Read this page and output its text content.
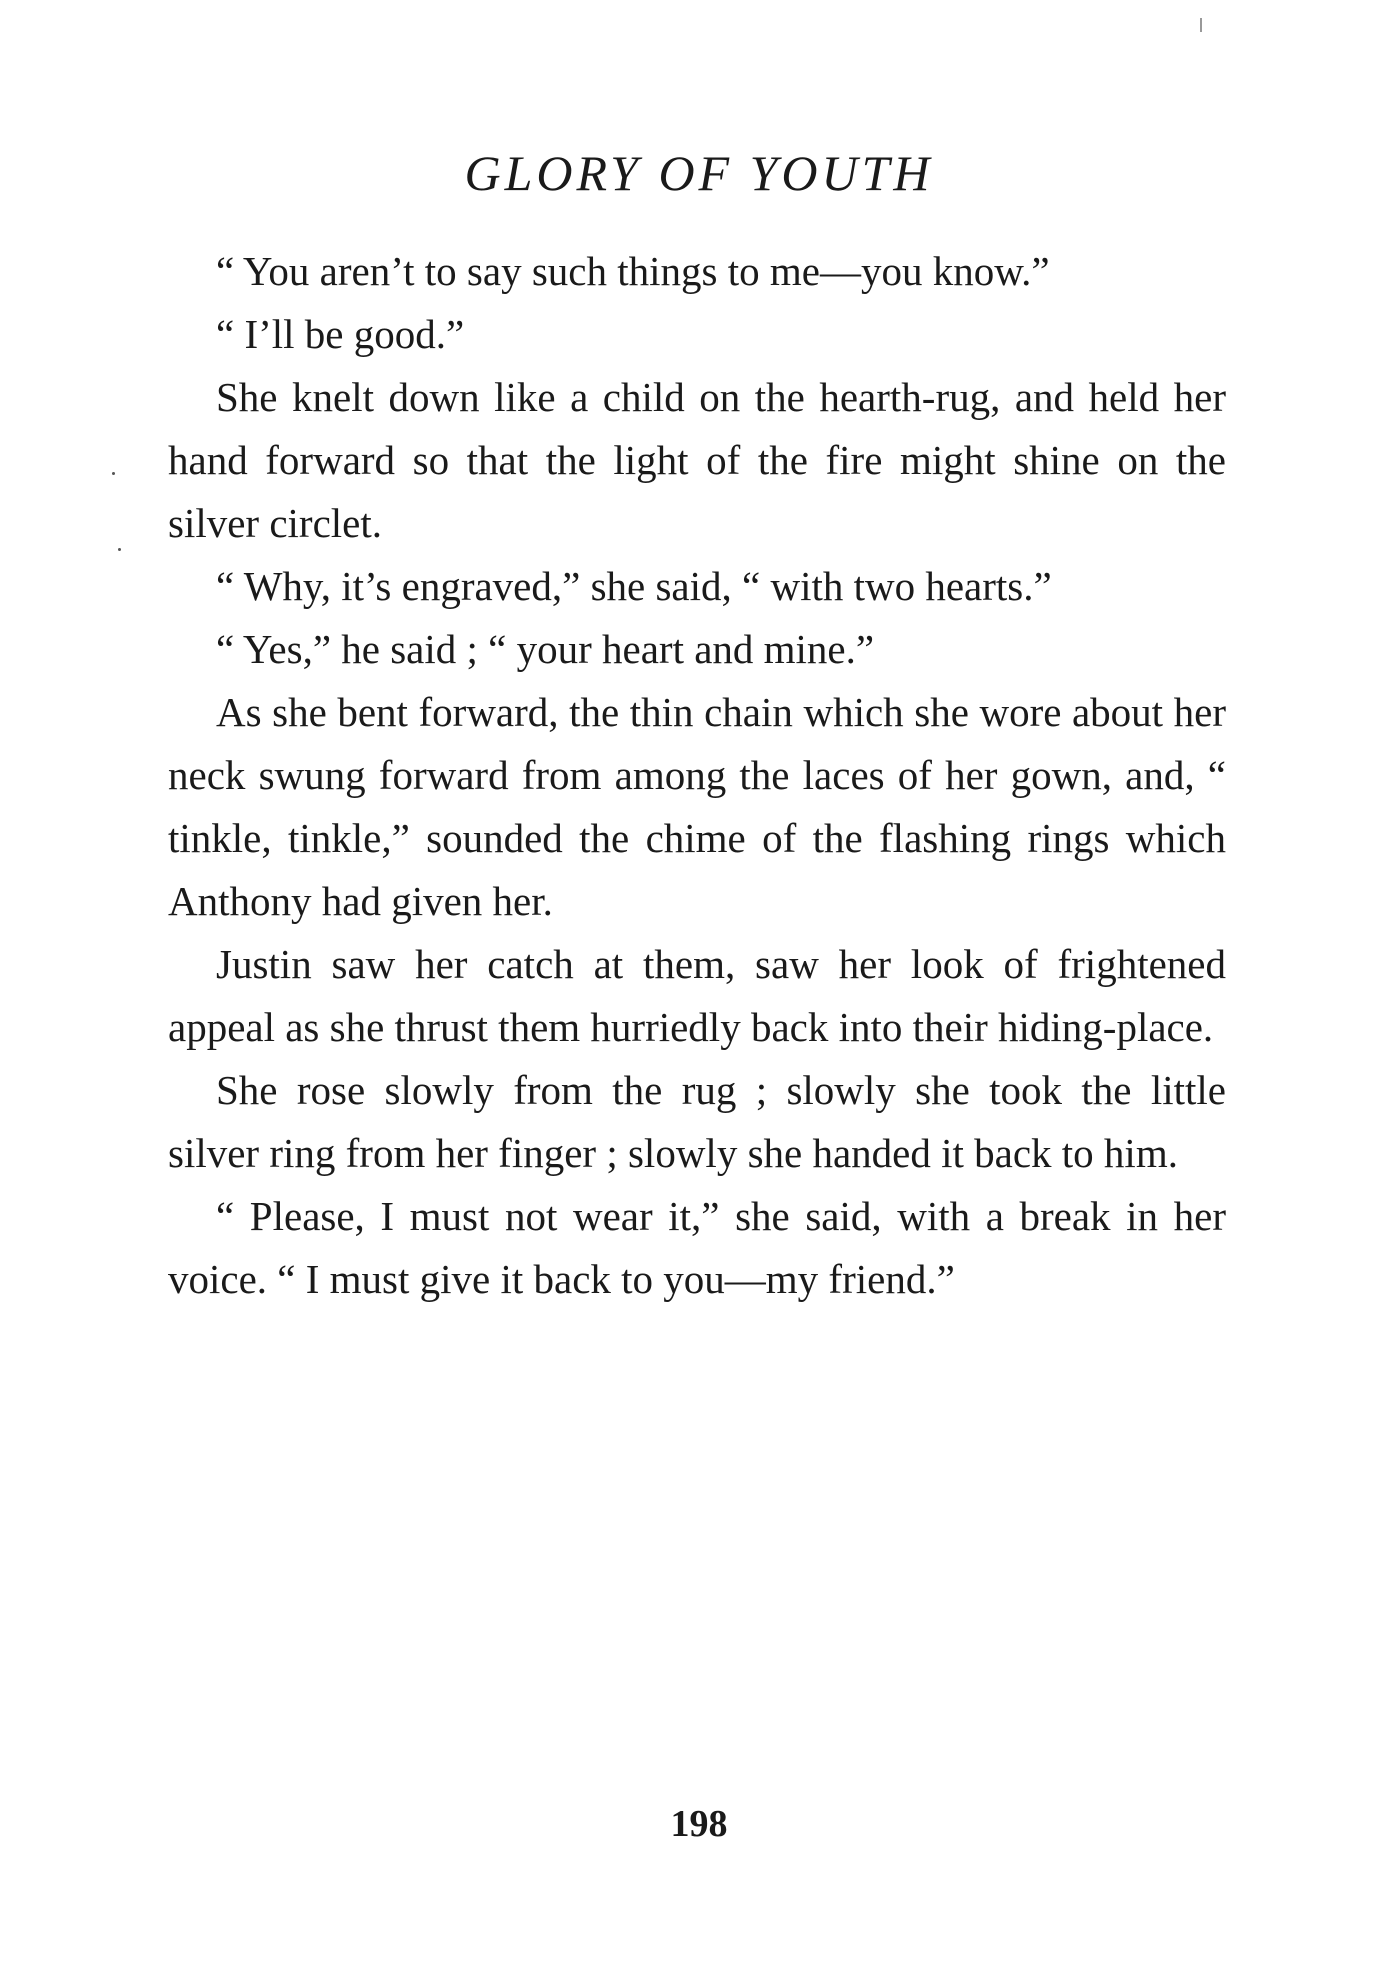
GLORY OF YOUTH

“ You aren’t to say such things to me—you know.”

“ I’ll be good.”

She knelt down like a child on the hearth-rug, and held her hand forward so that the light of the fire might shine on the silver circlet.

“ Why, it’s engraved,” she said, “ with two hearts.”

“ Yes,” he said ; “ your heart and mine.”

As she bent forward, the thin chain which she wore about her neck swung forward from among the laces of her gown, and, “ tinkle, tinkle,” sounded the chime of the flashing rings which Anthony had given her.

Justin saw her catch at them, saw her look of frightened appeal as she thrust them hurriedly back into their hiding-place.

She rose slowly from the rug ; slowly she took the little silver ring from her finger ; slowly she handed it back to him.

“ Please, I must not wear it,” she said, with a break in her voice. “ I must give it back to you—my friend.”

198
